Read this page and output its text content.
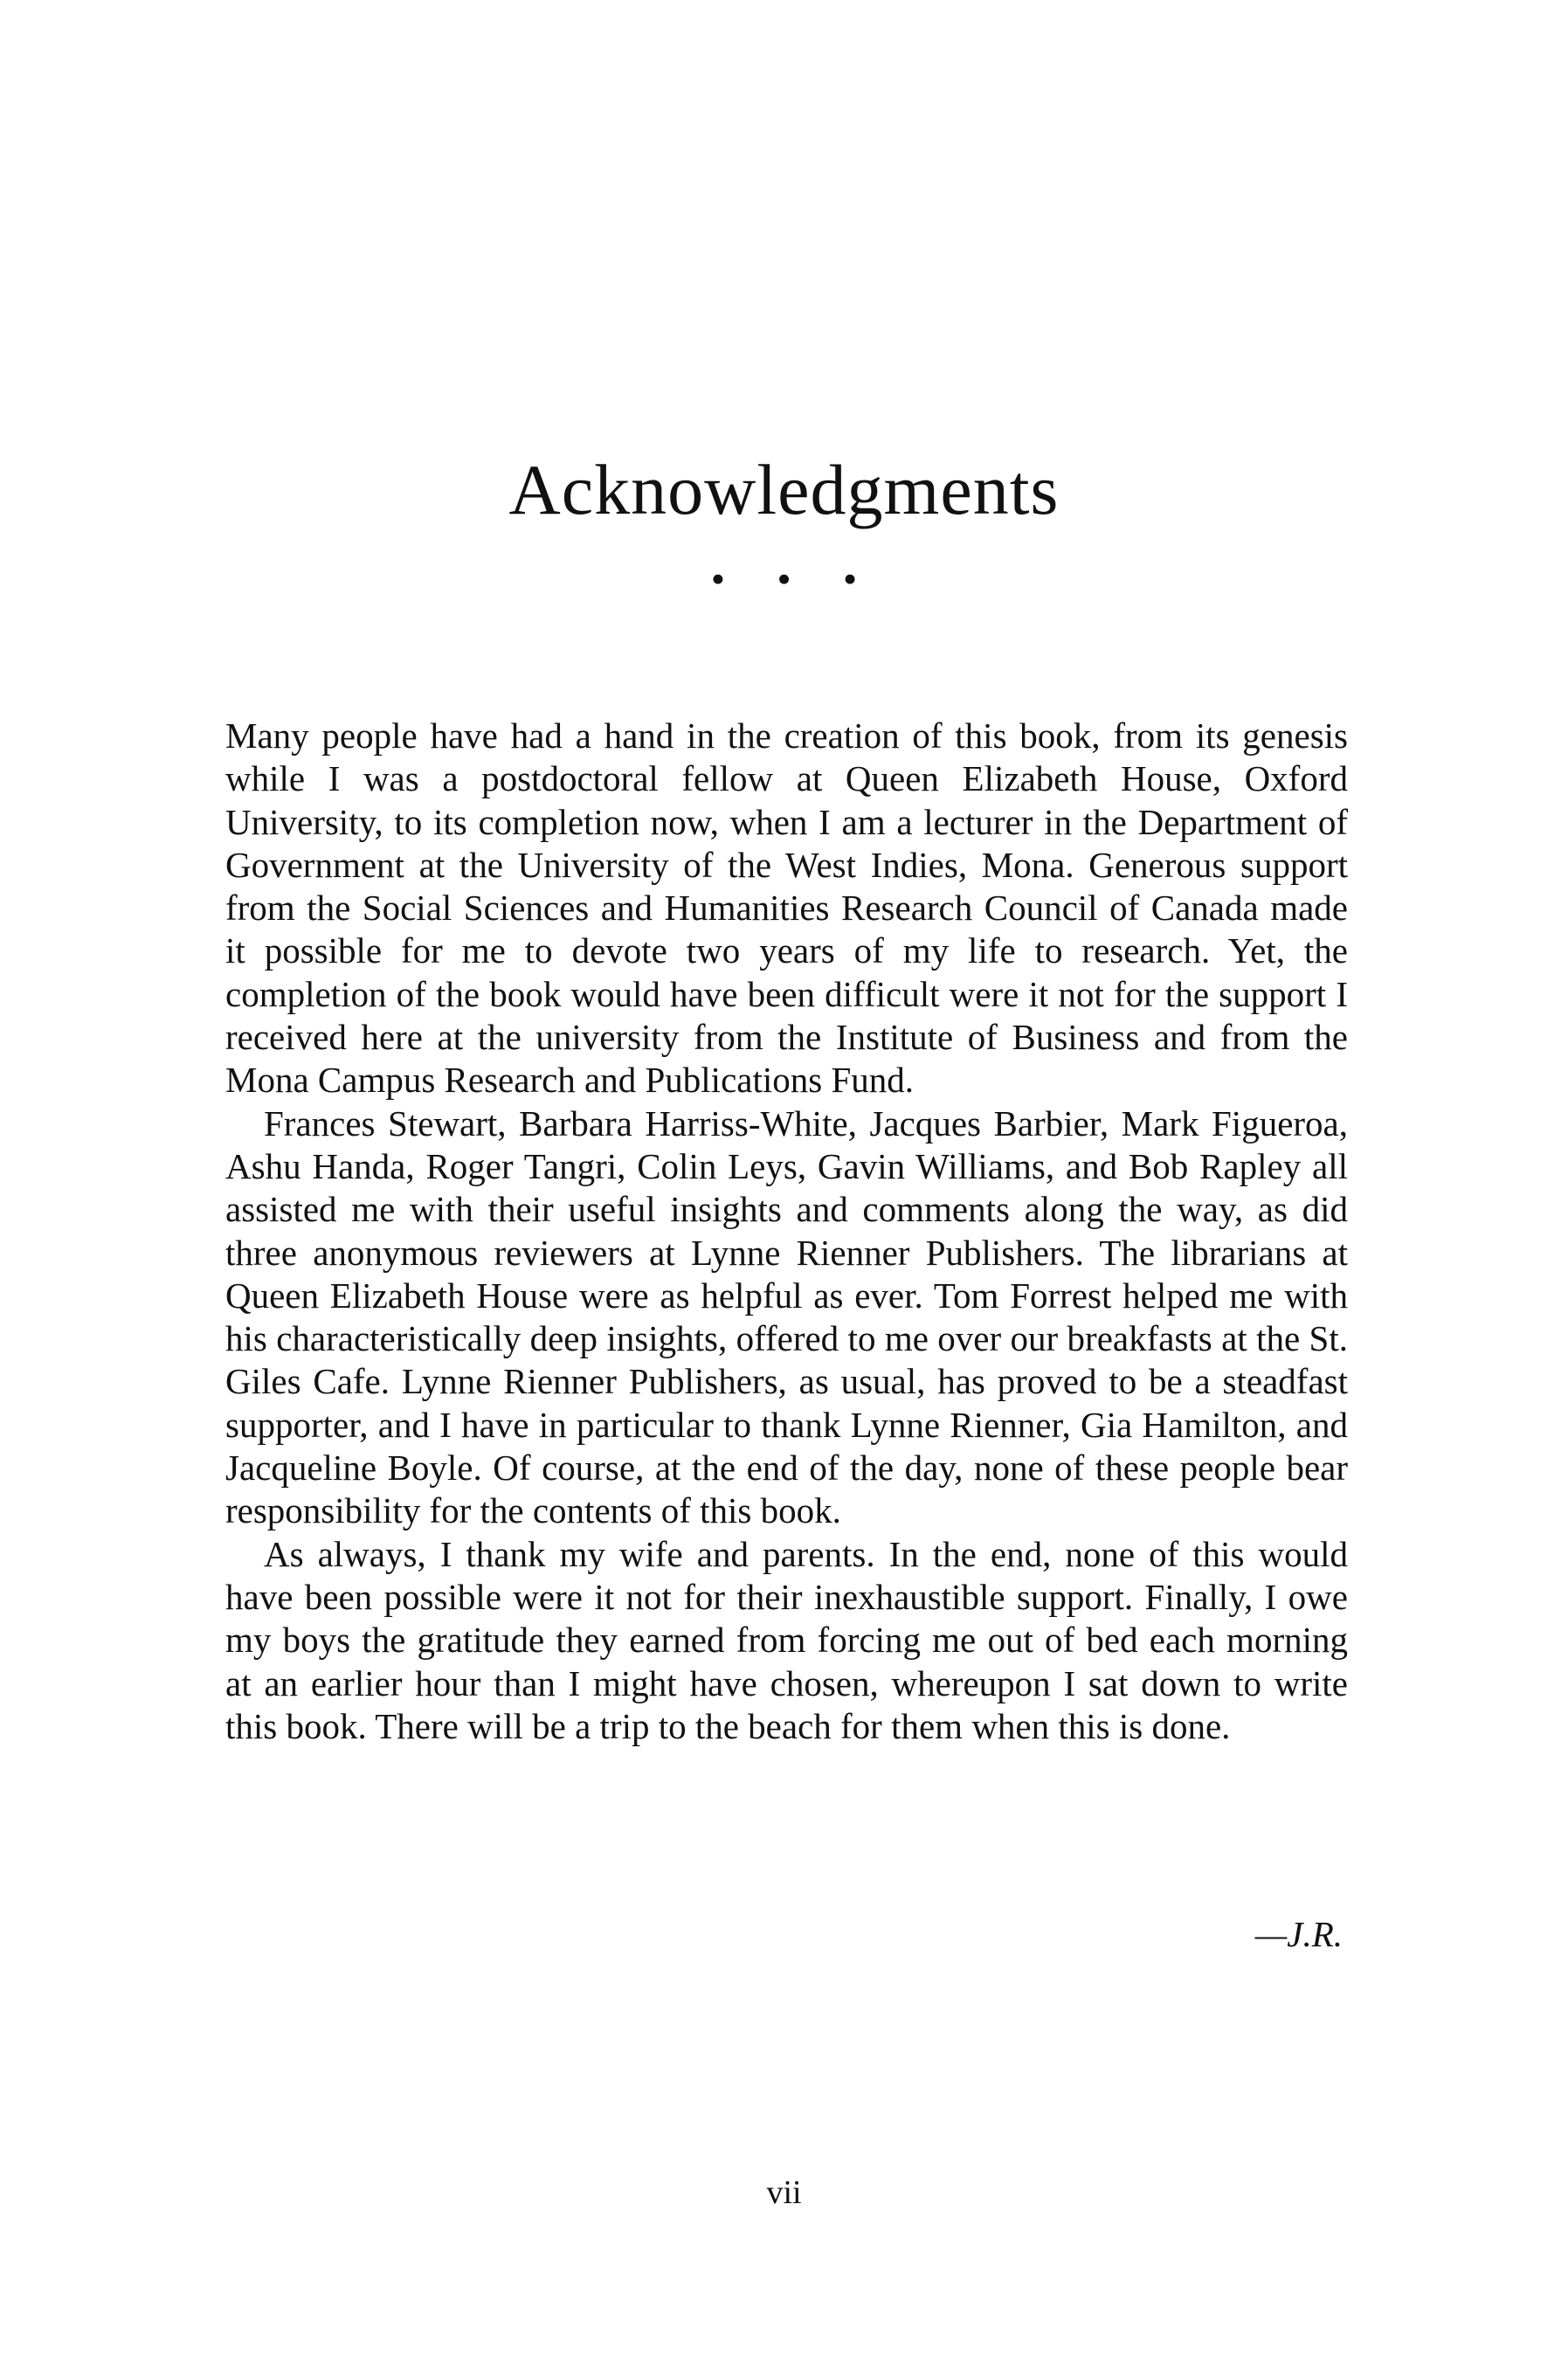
Acknowledgments
• • •

Many people have had a hand in the creation of this book, from its genesis while I was a postdoctoral fellow at Queen Elizabeth House, Oxford University, to its completion now, when I am a lecturer in the Department of Government at the University of the West Indies, Mona. Generous support from the Social Sciences and Humanities Research Council of Canada made it possible for me to devote two years of my life to research. Yet, the completion of the book would have been difficult were it not for the support I received here at the university from the Institute of Business and from the Mona Campus Research and Publications Fund.

Frances Stewart, Barbara Harriss-White, Jacques Barbier, Mark Figueroa, Ashu Handa, Roger Tangri, Colin Leys, Gavin Williams, and Bob Rapley all assisted me with their useful insights and comments along the way, as did three anonymous reviewers at Lynne Rienner Publishers. The librarians at Queen Elizabeth House were as helpful as ever. Tom Forrest helped me with his characteristically deep insights, offered to me over our breakfasts at the St. Giles Cafe. Lynne Rienner Publishers, as usual, has proved to be a steadfast supporter, and I have in particular to thank Lynne Rienner, Gia Hamilton, and Jacqueline Boyle. Of course, at the end of the day, none of these people bear responsibility for the contents of this book.

As always, I thank my wife and parents. In the end, none of this would have been possible were it not for their inexhaustible support. Finally, I owe my boys the gratitude they earned from forcing me out of bed each morning at an earlier hour than I might have chosen, whereupon I sat down to write this book. There will be a trip to the beach for them when this is done.

—J.R.

vii
